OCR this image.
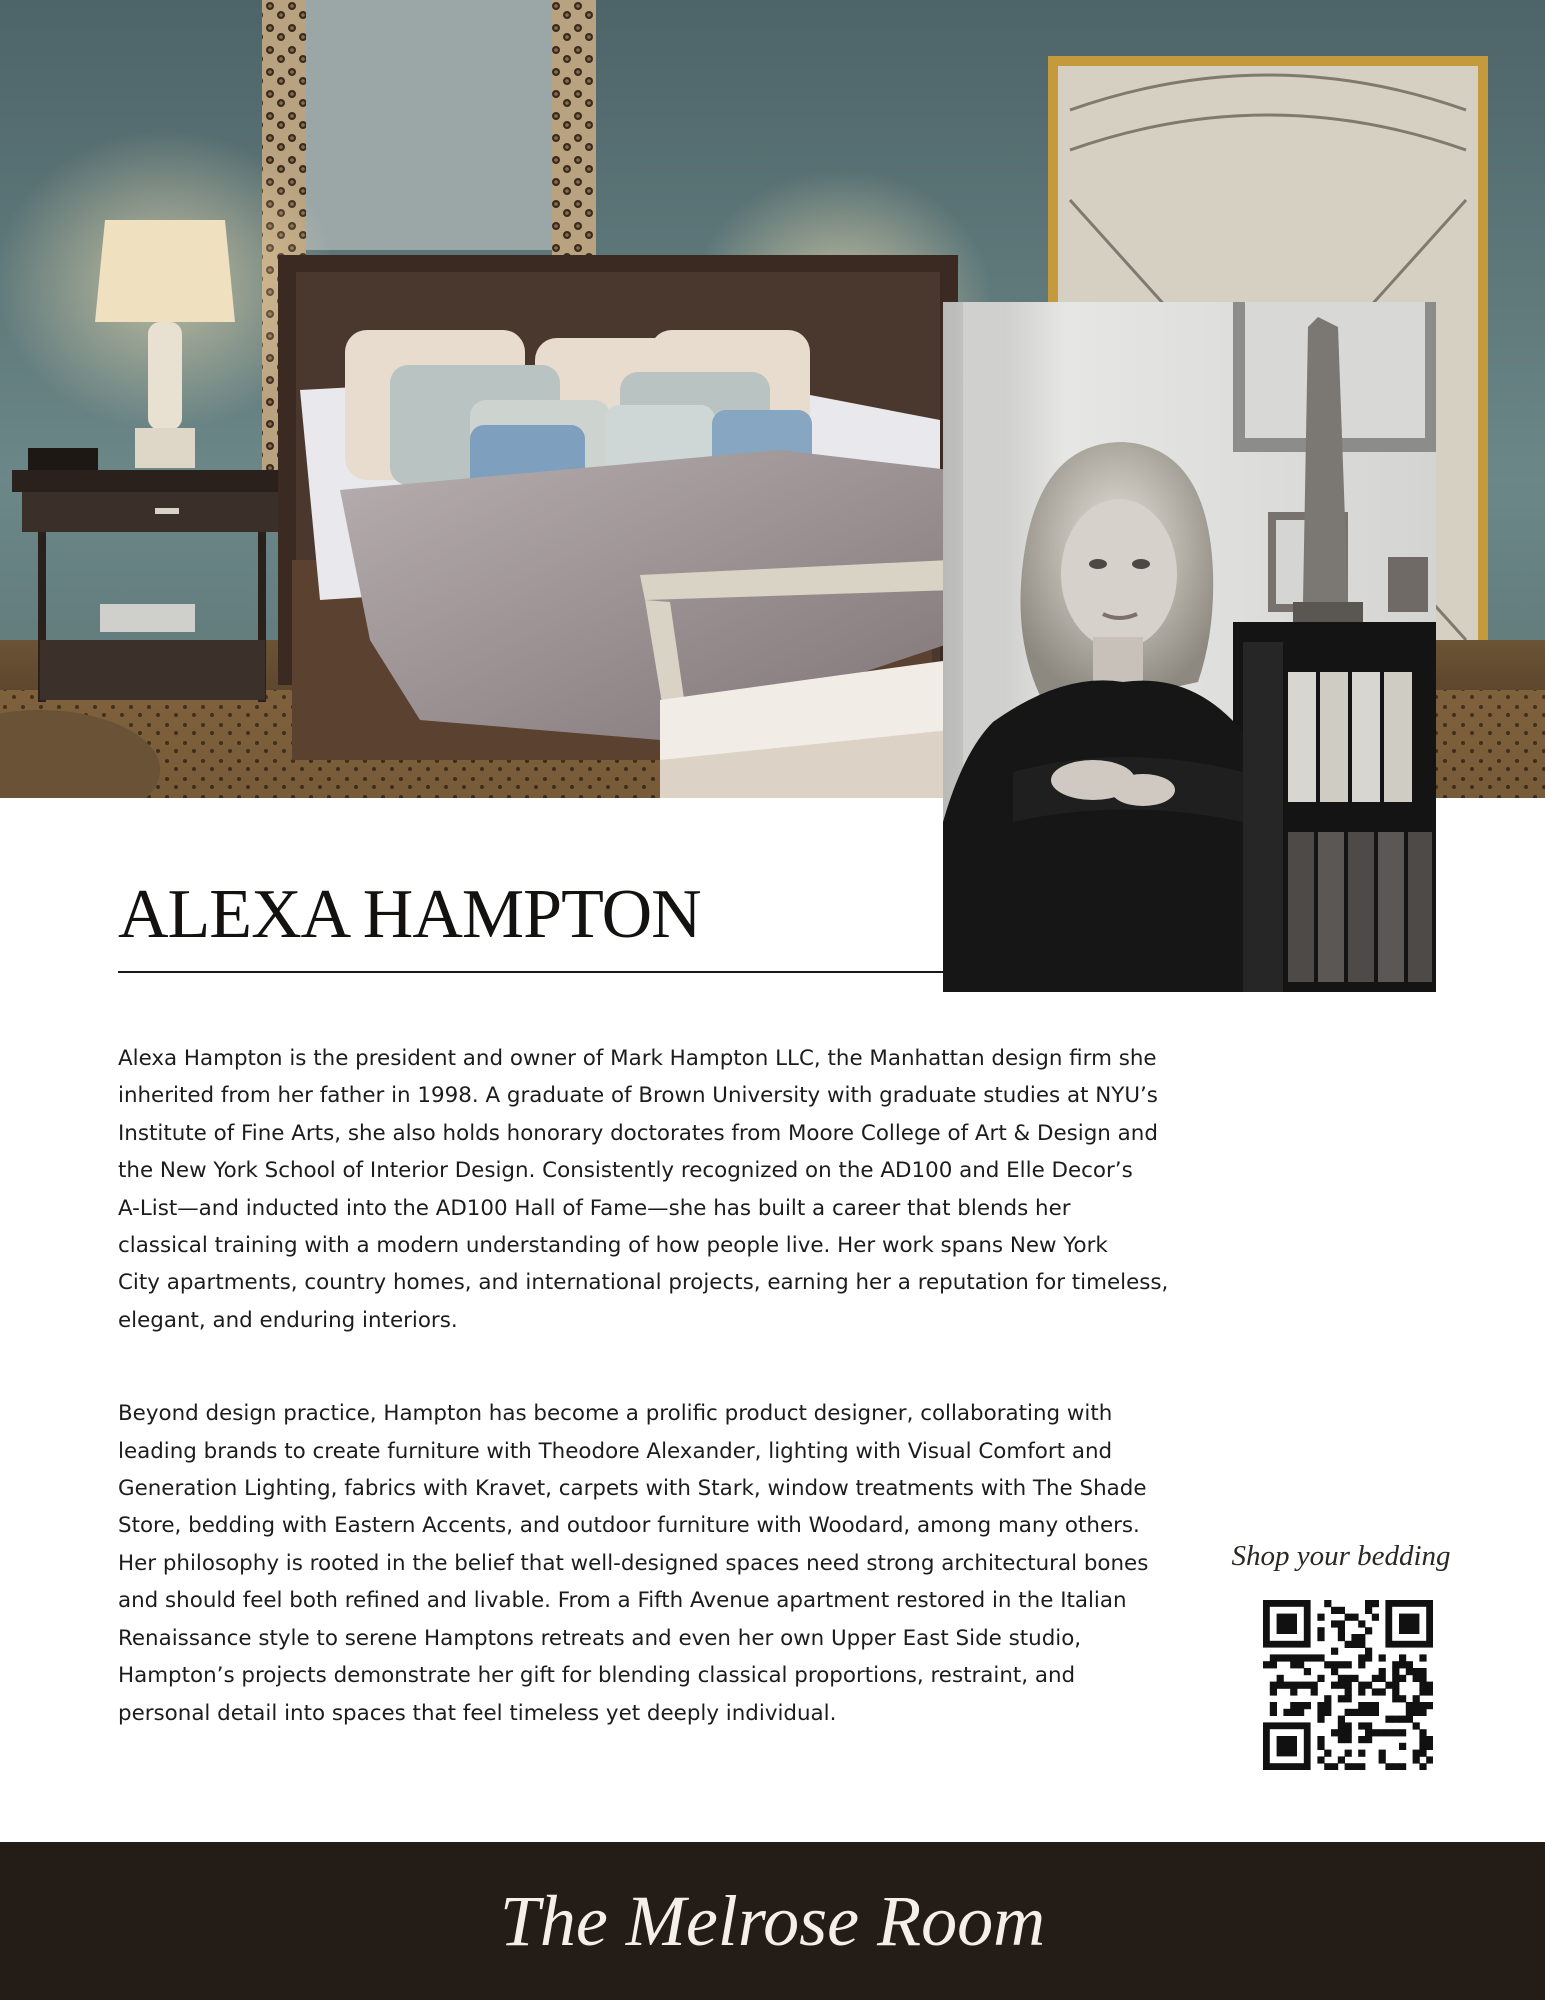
ALEXA HAMPTON

Alexa Hampton is the president and owner of Mark Hampton LLC, the Manhattan design firm she

inherited from her father in 1998. A graduate of Brown University with graduate studies at NYU’s

Institute of Fine Arts, she also holds honorary doctorates from Moore College of Art & Design and

the New York School of Interior Design. Consistently recognized on the AD100 and Elle Decor’s

A-List—and inducted into the AD100 Hall of Fame—she has built a career that blends her

classical training with a modern understanding of how people live. Her work spans New York

City apartments, country homes, and international projects, earning her a reputation for timeless,

elegant, and enduring interiors.

Beyond design practice, Hampton has become a prolific product designer, collaborating with

leading brands to create furniture with Theodore Alexander, lighting with Visual Comfort and

Generation Lighting, fabrics with Kravet, carpets with Stark, window treatments with The Shade

Store, bedding with Eastern Accents, and outdoor furniture with Woodard, among many others.

Her philosophy is rooted in the belief that well-designed spaces need strong architectural bones

and should feel both refined and livable. From a Fifth Avenue apartment restored in the Italian

Renaissance style to serene Hamptons retreats and even her own Upper East Side studio,

Hampton’s projects demonstrate her gift for blending classical proportions, restraint, and

personal detail into spaces that feel timeless yet deeply individual.

Shop your bedding
The Melrose Room
